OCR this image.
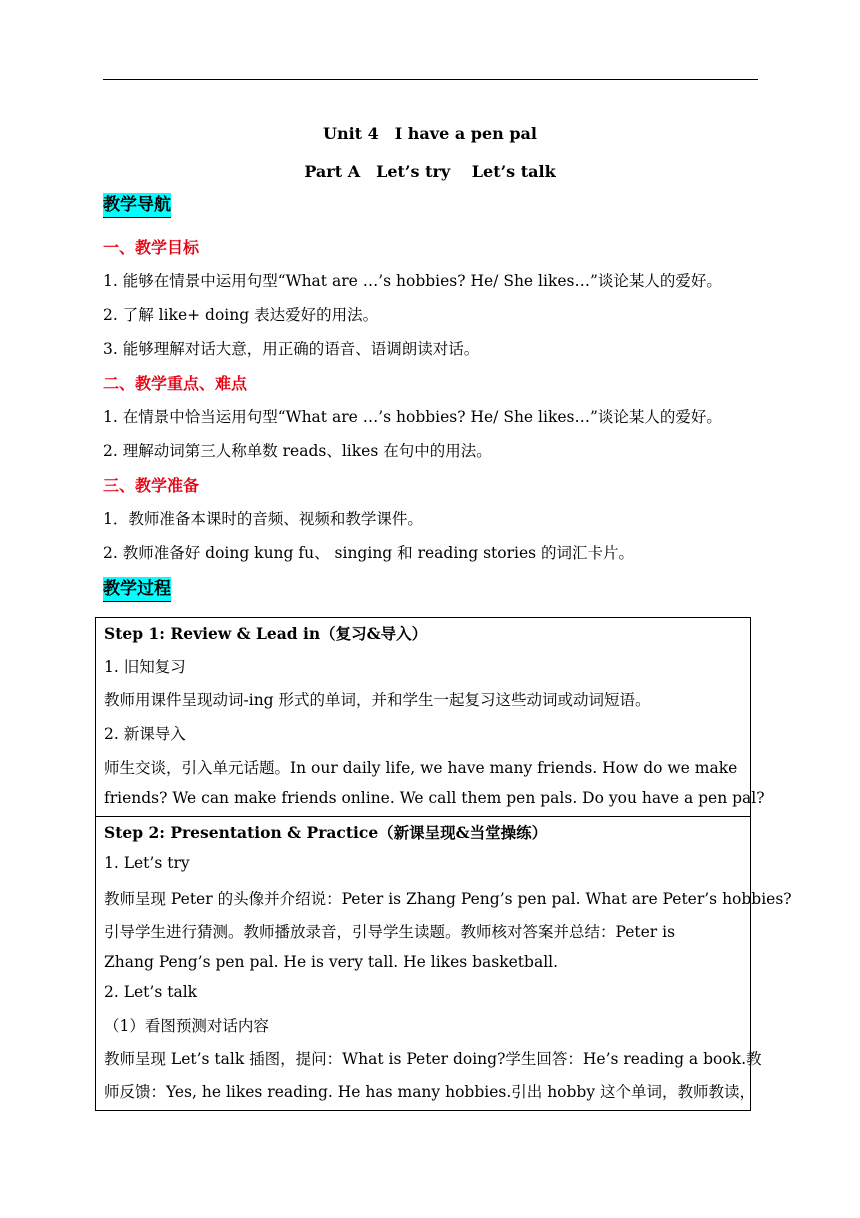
Unit 4　I have a pen pal
Part A　Let’s try　 Let’s talk
教学导航
一、教学目标
1. 能够在情景中运用句型“What are …’s hobbies? He/ She likes…”谈论某人的爱好。
2. 了解 like+ doing 表达爱好的用法。
3. 能够理解对话大意，用正确的语音、语调朗读对话。
二、教学重点、难点
1. 在情景中恰当运用句型“What are …’s hobbies? He/ She likes…”谈论某人的爱好。
2. 理解动词第三人称单数 reads、likes 在句中的用法。
三、教学准备
1．教师准备本课时的音频、视频和教学课件。
2. 教师准备好 doing kung fu、 singing 和 reading stories 的词汇卡片。
教学过程
Step 1: Review & Lead in（复习&导入）
1. 旧知复习
教师用课件呈现动词-ing 形式的单词，并和学生一起复习这些动词或动词短语。
2. 新课导入
师生交谈，引入单元话题。In our daily life, we have many friends. How do we make
friends? We can make friends online. We call them pen pals. Do you have a pen pal?
Step 2: Presentation & Practice（新课呈现&当堂操练）
1. Let’s try
教师呈现 Peter 的头像并介绍说：Peter is Zhang Peng’s pen pal. What are Peter’s hobbies?
引导学生进行猜测。教师播放录音，引导学生读题。教师核对答案并总结：Peter is
Zhang Peng’s pen pal. He is very tall. He likes basketball.
2. Let’s talk
（1）看图预测对话内容
教师呈现 Let’s talk 插图，提问：What is Peter doing?学生回答：He’s reading a book.教
师反馈：Yes, he likes reading. He has many hobbies.引出 hobby 这个单词，教师教读，
